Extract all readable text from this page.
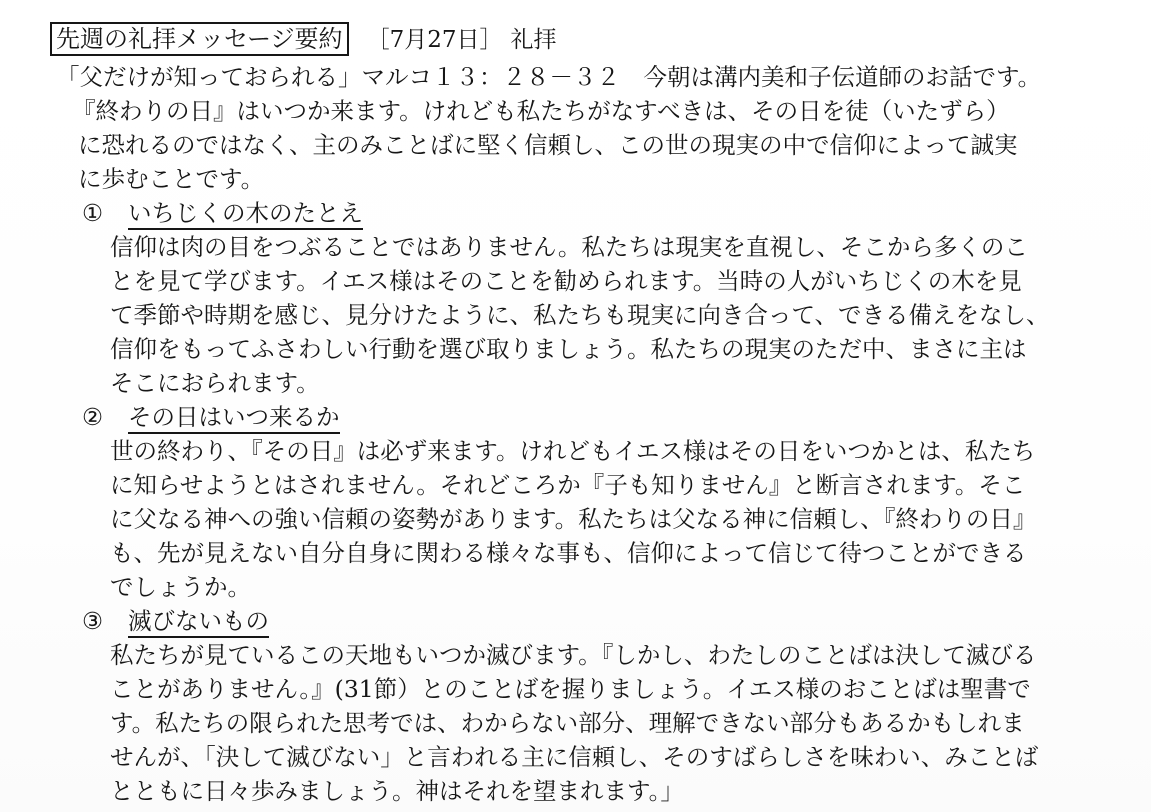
先週の礼拝メッセージ要約 ［7月27日］ 礼拝
「父だけが知っておられる」マルコ１３：２８－３２　今朝は溝内美和子伝道師のお話です。
『終わりの日』はいつか来ます。けれども私たちがなすべきは、その日を徒（いたずら）
に恐れるのではなく、主のみことばに堅く信頼し、この世の現実の中で信仰によって誠実
に歩むことです。
① いちじくの木のたとえ
信仰は肉の目をつぶることではありません。私たちは現実を直視し、そこから多くのこ
とを見て学びます。イエス様はそのことを勧められます。当時の人がいちじくの木を見
て季節や時期を感じ、見分けたように、私たちも現実に向き合って、できる備えをなし、
信仰をもってふさわしい行動を選び取りましょう。私たちの現実のただ中、まさに主は
そこにおられます。
② その日はいつ来るか
世の終わり、『その日』は必ず来ます。けれどもイエス様はその日をいつかとは、私たち
に知らせようとはされません。それどころか『子も知りません』と断言されます。そこ
に父なる神への強い信頼の姿勢があります。私たちは父なる神に信頼し、『終わりの日』
も、先が見えない自分自身に関わる様々な事も、信仰によって信じて待つことができる
でしょうか。
③ 滅びないもの
私たちが見ているこの天地もいつか滅びます。『しかし、わたしのことばは決して滅びる
ことがありません。』(31節）とのことばを握りましょう。イエス様のおことばは聖書で
す。私たちの限られた思考では、わからない部分、理解できない部分もあるかもしれま
せんが、「決して滅びない」と言われる主に信頼し、そのすばらしさを味わい、みことば
とともに日々歩みましょう。神はそれを望まれます。」
